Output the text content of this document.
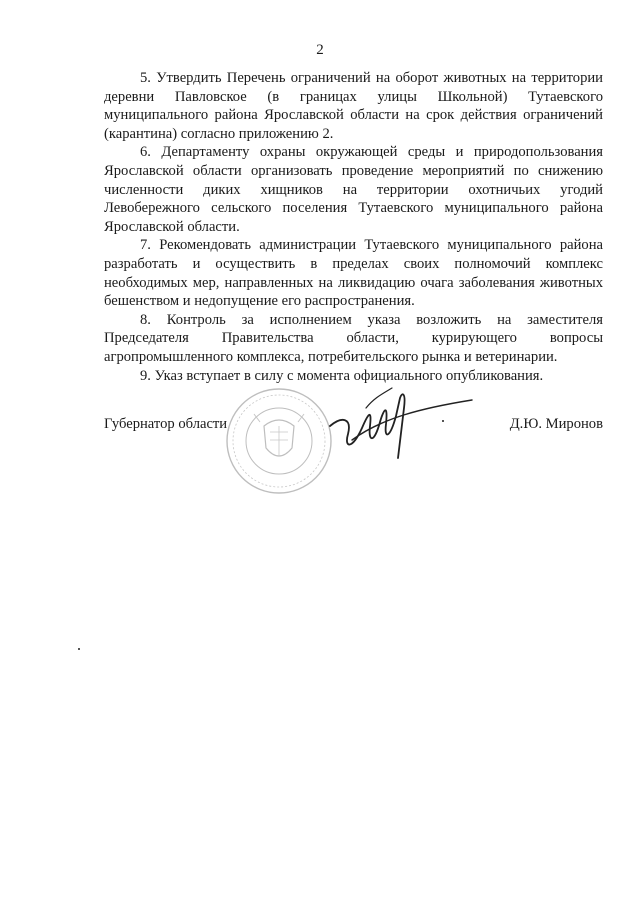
2

5. Утвердить Перечень ограничений на оборот животных на территории деревни Павловское (в границах улицы Школьной) Тутаевского муниципального района Ярославской области на срок действия ограничений (карантина) согласно приложению 2.

6. Департаменту охраны окружающей среды и природопользования Ярославской области организовать проведение мероприятий по снижению численности диких хищников на территории охотничьих угодий Левобережного сельского поселения Тутаевского муниципального района Ярославской области.

7. Рекомендовать администрации Тутаевского муниципального района разработать и осуществить в пределах своих полномочий комплекс необходимых мер, направленных на ликвидацию очага заболевания животных бешенством и недопущение его распространения.

8. Контроль за исполнением указа возложить на заместителя Председателя Правительства области, курирующего вопросы агропромышленного комплекса, потребительского рынка и ветеринарии.

9. Указ вступает в силу с момента официального опубликования.

Губернатор области	Д.Ю. Миронов
